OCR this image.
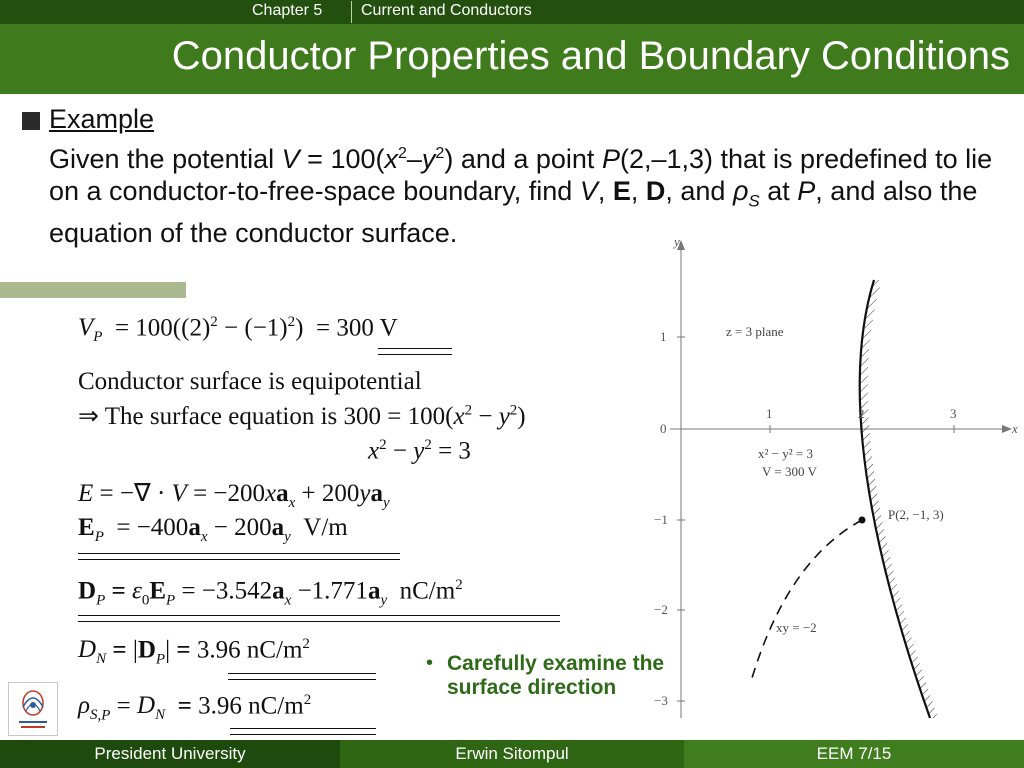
Chapter 5 Current and Conductors
Conductor Properties and Boundary Conditions
Example
Given the potential $V = 100(x^2-y^2)$ and a point P(2,–1,3) that is predefined to lie on a conductor-to-free-space boundary, find V, E, D, and $\rho_S$ at P, and also the equation of the conductor surface.
$V_P = 100((2)^2 - (-1)^2) = 300$ V
Conductor surface is equipotential
⇒ The surface equation is $300 = 100(x^2 - y^2)$
$x^2 - y^2 = 3$
E = −∇ · $V = -200xa_x + 200ya_y$
$E_P = -400a_x - 200a_y$ V/m
$D_P = \varepsilon_0E_P = -3.542a_x -1.771a_y$ $nC/m^2$
$D_N = |D_P| = 3.96$ $nC/m^2$
$\rho_{S,P} = D_N = 3.96$ $nC/m^2$
• Carefully examine the surface direction
y
x
1	2	3
1
0
−1
−2
−3
z = 3 plane
x² − y² = 3
V = 300 V
P(2, −1, 3)
xy = −2
President University	Erwin Sitompul	EEM 7/15
